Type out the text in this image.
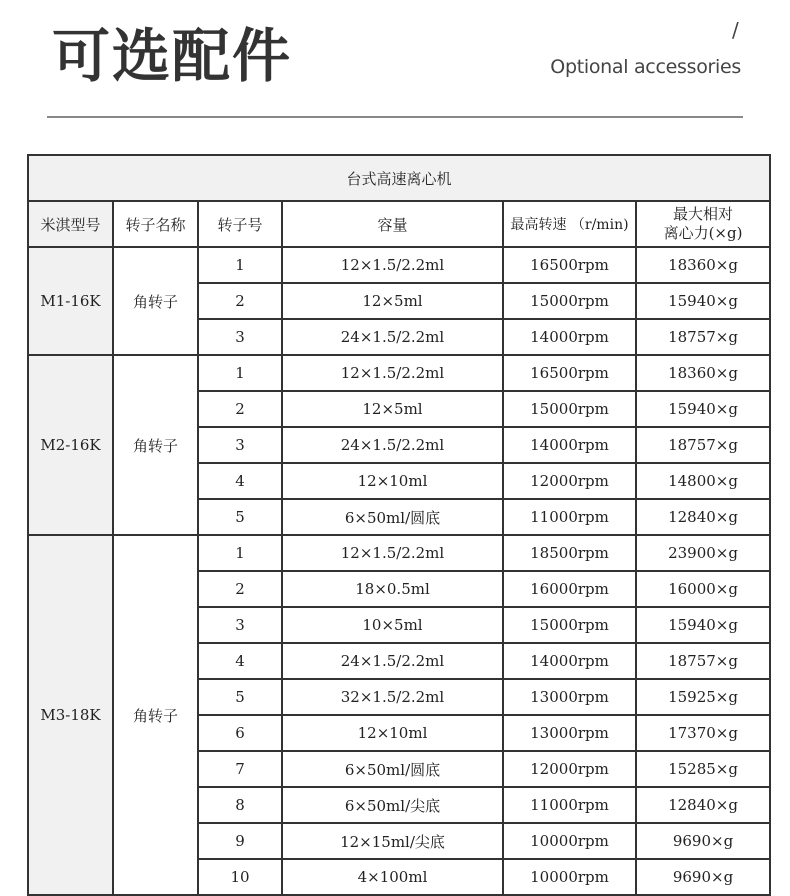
可选配件	/
Optional accessories
台式高速离心机					
米淇型号	转子名称	转子号	容量	最高转速 （r/min)	最大相对
离心力(×g)

M1-16K	角转子	1	12×1.5/2.2ml	16500rpm	18360×g
		2	12×5ml	15000rpm	15940×g
		3	24×1.5/2.2ml	14000rpm	18757×g
M2-16K	角转子	1	12×1.5/2.2ml	16500rpm	18360×g
		2	12×5ml	15000rpm	15940×g
		3	24×1.5/2.2ml	14000rpm	18757×g
		4	12×10ml	12000rpm	14800×g
		5	6×50ml/圆底	11000rpm	12840×g
M3-18K	角转子	1	12×1.5/2.2ml	18500rpm	23900×g
		2	18×0.5ml	16000rpm	16000×g
		3	10×5ml	15000rpm	15940×g
		4	24×1.5/2.2ml	14000rpm	18757×g
		5	32×1.5/2.2ml	13000rpm	15925×g
		6	12×10ml	13000rpm	17370×g
		7	6×50ml/圆底	12000rpm	15285×g
		8	6×50ml/尖底	11000rpm	12840×g
		9	12×15ml/尖底	10000rpm	9690×g
		10	4×100ml	10000rpm	9690×g
